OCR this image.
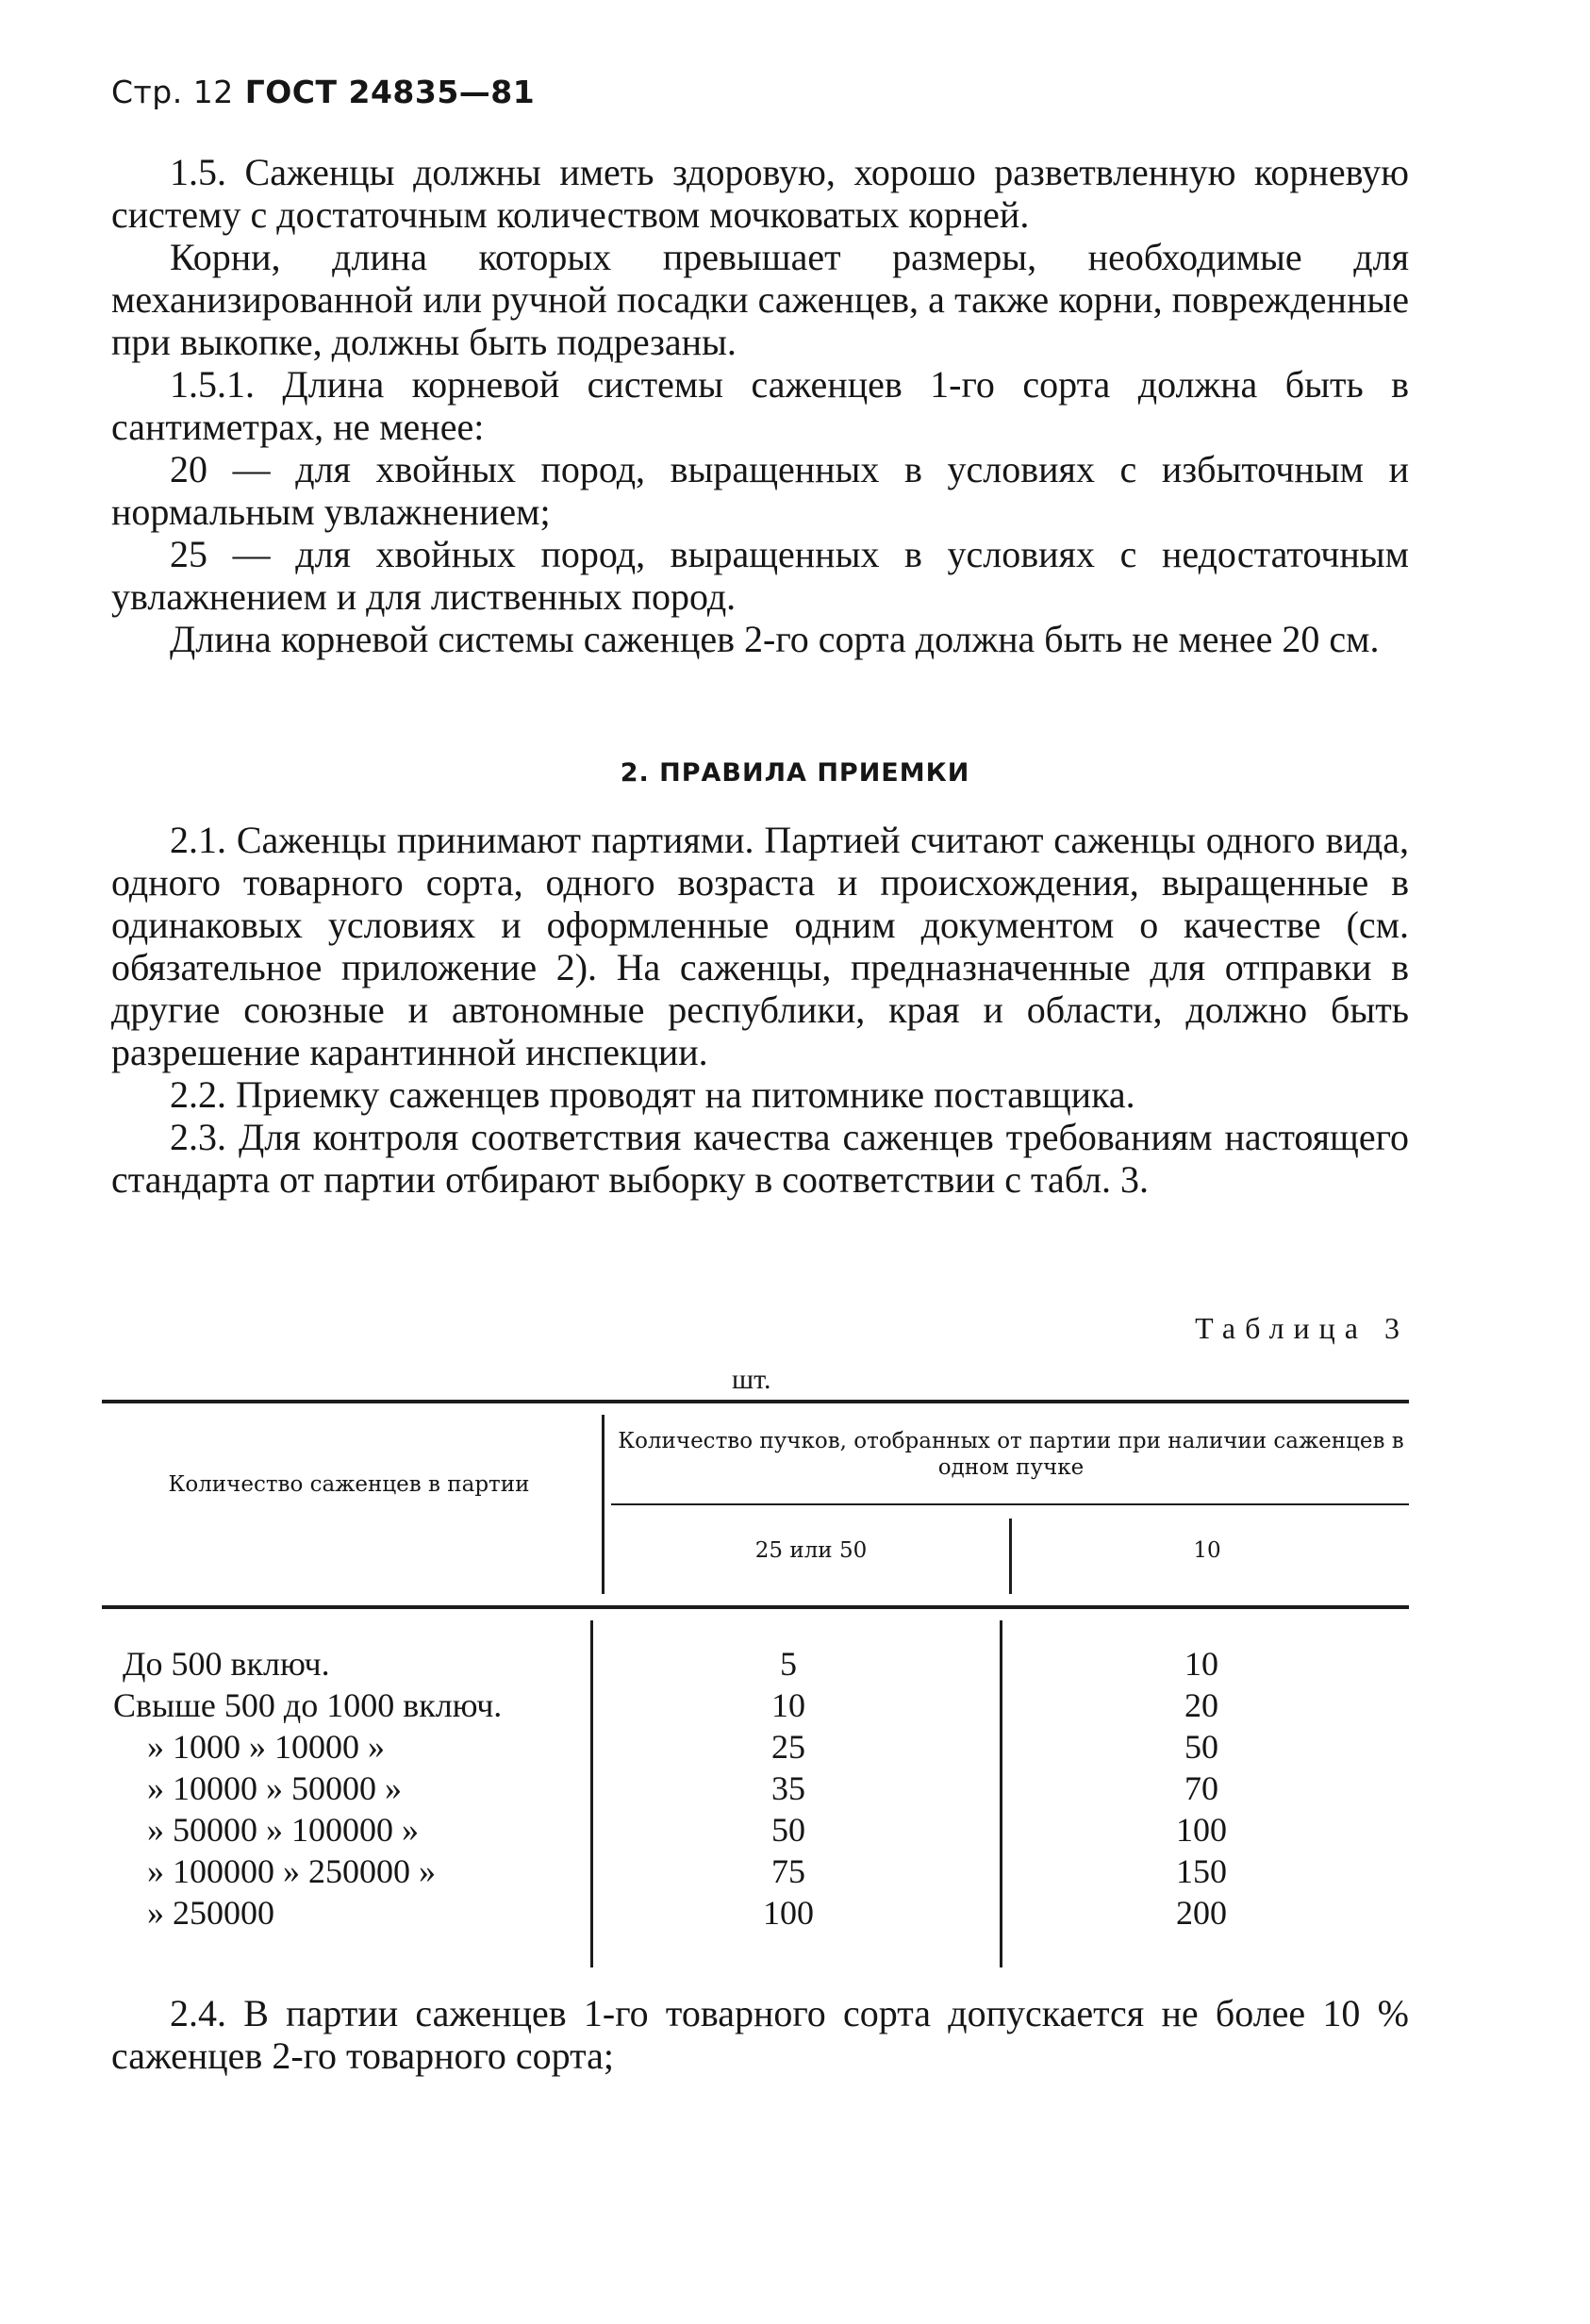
Стр. 12 ГОСТ 24835—81

1.5. Саженцы должны иметь здоровую, хорошо разветвленную корневую систему с достаточным количеством мочковатых корней.

Корни, длина которых превышает размеры, необходимые для механизированной или ручной посадки саженцев, а также корни, поврежденные при выкопке, должны быть подрезаны.

1.5.1. Длина корневой системы саженцев 1-го сорта должна быть в сантиметрах, не менее:

20 — для хвойных пород, выращенных в условиях с избыточным и нормальным увлажнением;

25 — для хвойных пород, выращенных в условиях с недостаточным увлажнением и для лиственных пород.

Длина корневой системы саженцев 2-го сорта должна быть не менее 20 см.

2. ПРАВИЛА ПРИЕМКИ

2.1. Саженцы принимают партиями. Партией считают саженцы одного вида, одного товарного сорта, одного возраста и происхождения, выращенные в одинаковых условиях и оформленные одним документом о качестве (см. обязательное приложение 2). На саженцы, предназначенные для отправки в другие союзные и автономные республики, края и области, должно быть разрешение карантинной инспекции.

2.2. Приемку саженцев проводят на питомнике поставщика.

2.3. Для контроля соответствия качества саженцев требованиям настоящего стандарта от партии отбирают выборку в соответствии с табл. 3.

Таблица 3
шт.
Количество саженцев в партии
Количество пучков, отобранных от партии при наличии саженцев в одном пучке
25 или 50	10
До 500 включ.	5	10
Свыше 500 до 1000 включ.	10	20
» 1000 » 10000 »	25	50
» 10000 » 50000 »	35	70
» 50000 » 100000 »	50	100
» 100000 » 250000 »	75	150
» 250000	100	200

2.4. В партии саженцев 1-го товарного сорта допускается не более 10 % саженцев 2-го товарного сорта;
